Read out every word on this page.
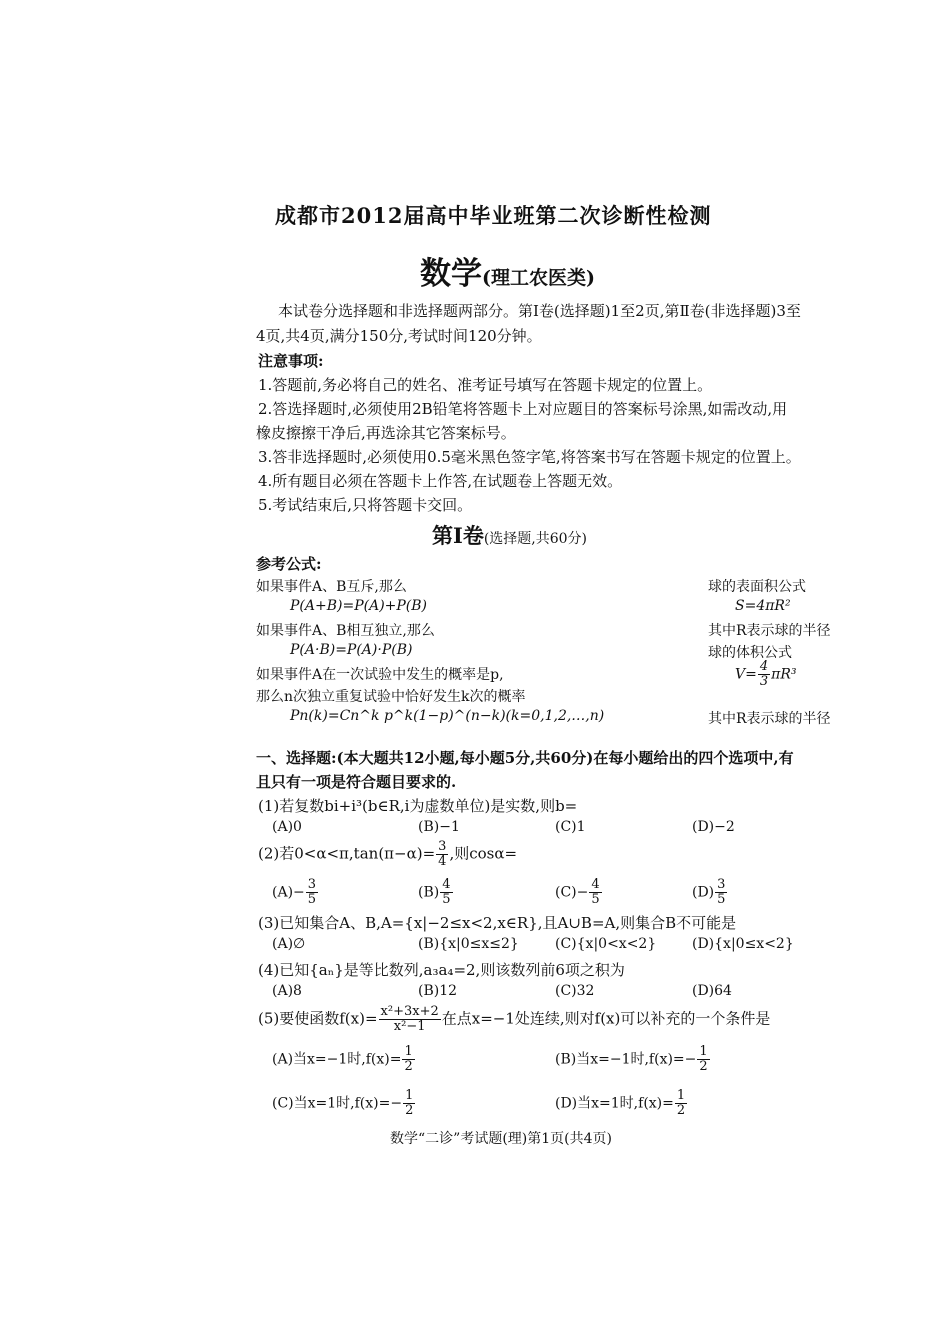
成都市2012届高中毕业班第二次诊断性检测
数学(理工农医类)
本试卷分选择题和非选择题两部分。第Ⅰ卷(选择题)1至2页,第Ⅱ卷(非选择题)3至
4页,共4页,满分150分,考试时间120分钟。
注意事项:
1.答题前,务必将自己的姓名、准考证号填写在答题卡规定的位置上。
2.答选择题时,必须使用2B铅笔将答题卡上对应题目的答案标号涂黑,如需改动,用
橡皮擦擦干净后,再选涂其它答案标号。
3.答非选择题时,必须使用0.5毫米黑色签字笔,将答案书写在答题卡规定的位置上。
4.所有题目必须在答题卡上作答,在试题卷上答题无效。
5.考试结束后,只将答题卡交回。
第Ⅰ卷(选择题,共60分)
参考公式:
如果事件A、B互斥,那么
P(A+B)=P(A)+P(B)
如果事件A、B相互独立,那么
P(A·B)=P(A)·P(B)
如果事件A在一次试验中发生的概率是p,
那么n次独立重复试验中恰好发生k次的概率
Pn(k)=Cn^k p^k(1−p)^(n−k)(k=0,1,2,…,n)
球的表面积公式
S=4πR²
其中R表示球的半径
球的体积公式
$V= \frac{4}{3} \pi R^3$
其中R表示球的半径
一、选择题:(本大题共12小题,每小题5分,共60分)在每小题给出的四个选项中,有
且只有一项是符合题目要求的.
(1)若复数bi+i³(b∈R,i为虚数单位)是实数,则b=
(A)0	(B)−1	(C)1	(D)−2
(2)若$0<\alpha<\pi,\tan(\pi-\alpha)= \frac{3}{4}$ ,则cosα=
$(A)- \frac{3}{5}$	$(B) \frac{4}{5}$	$(C)- \frac{4}{5}$	$(D) \frac{3}{5}$
(3)已知集合A、B,A={x|−2≤x<2,x∈R},且A∪B=A,则集合B不可能是
(A)∅	(B){x|0≤x≤2}	(C){x|0<x<2}	(D){x|0≤x<2}
(4)已知{aₙ}是等比数列,a₃a₄=2,则该数列前6项之积为
(A)8	(B)12	(C)32	(D)64
(5)要使函数$f(x)= \frac{\text{x²+3x+2}}{\text{x²−1}}$ 在点x=−1处连续,则对f(x)可以补充的一个条件是
(A)当x=−1时$,f(x)= \frac{1}{2}$	(B)当x=−1时$,f(x)=- \frac{1}{2}$
(C)当x=1时$,f(x)=- \frac{1}{2}$	(D)当x=1时$,f(x)= \frac{1}{2}$
数学“二诊”考试题(理)第1页(共4页)
